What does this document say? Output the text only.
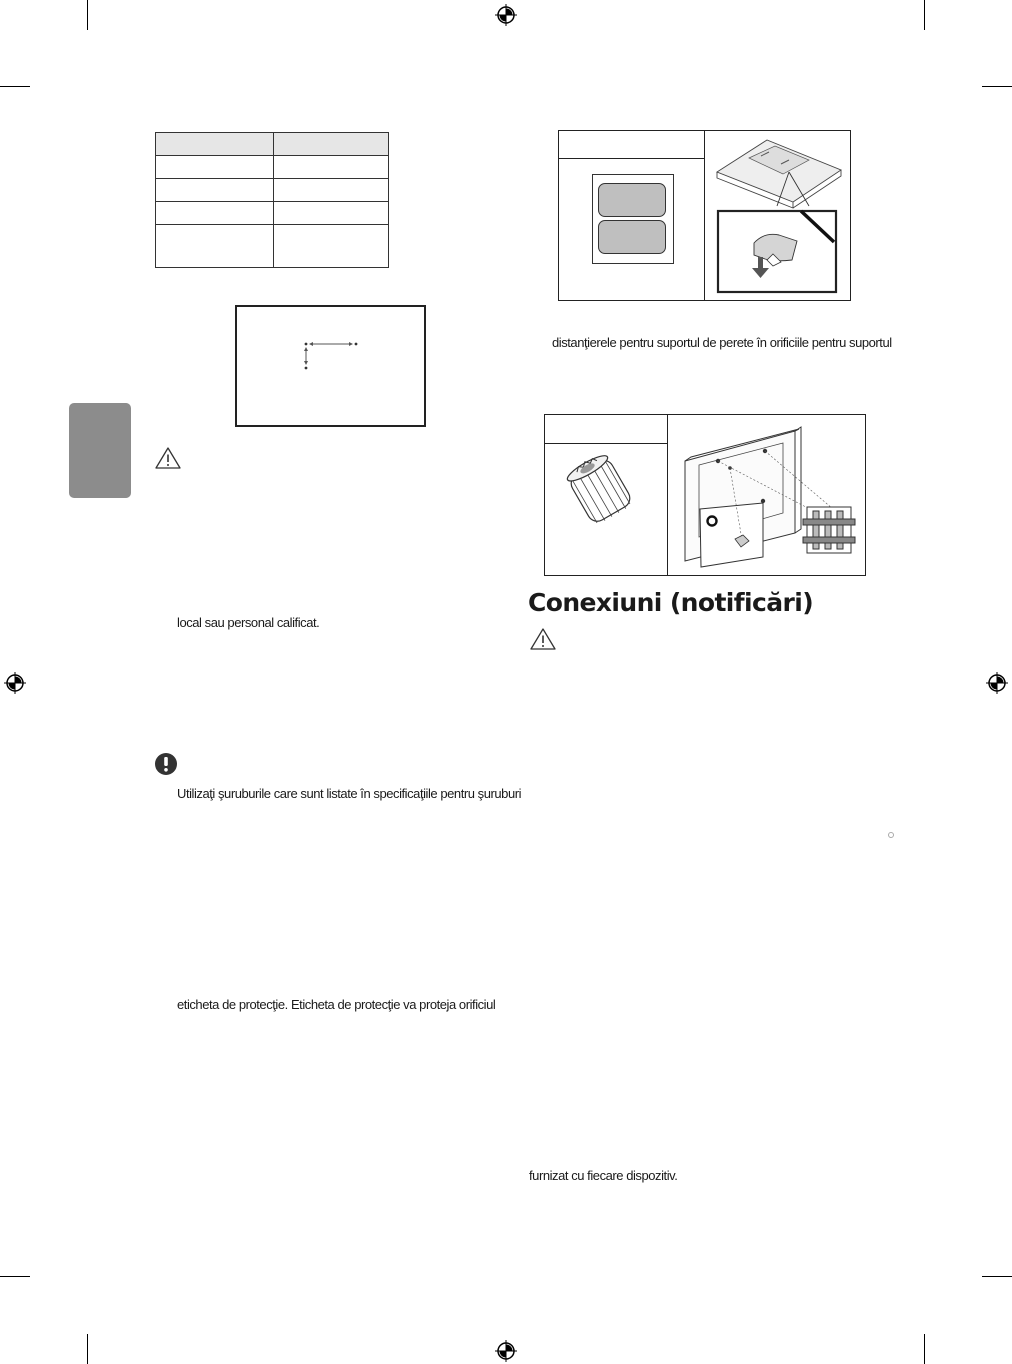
local sau personal calificat.
Utilizaţi şuruburile care sunt listate în specificaţiile pentru şuruburi
eticheta de protecţie. Eticheta de protecţie va proteja orificiul
distanţierele pentru suportul de perete în orificiile pentru suportul
Conexiuni (notificări)
furnizat cu fiecare dispozitiv.
